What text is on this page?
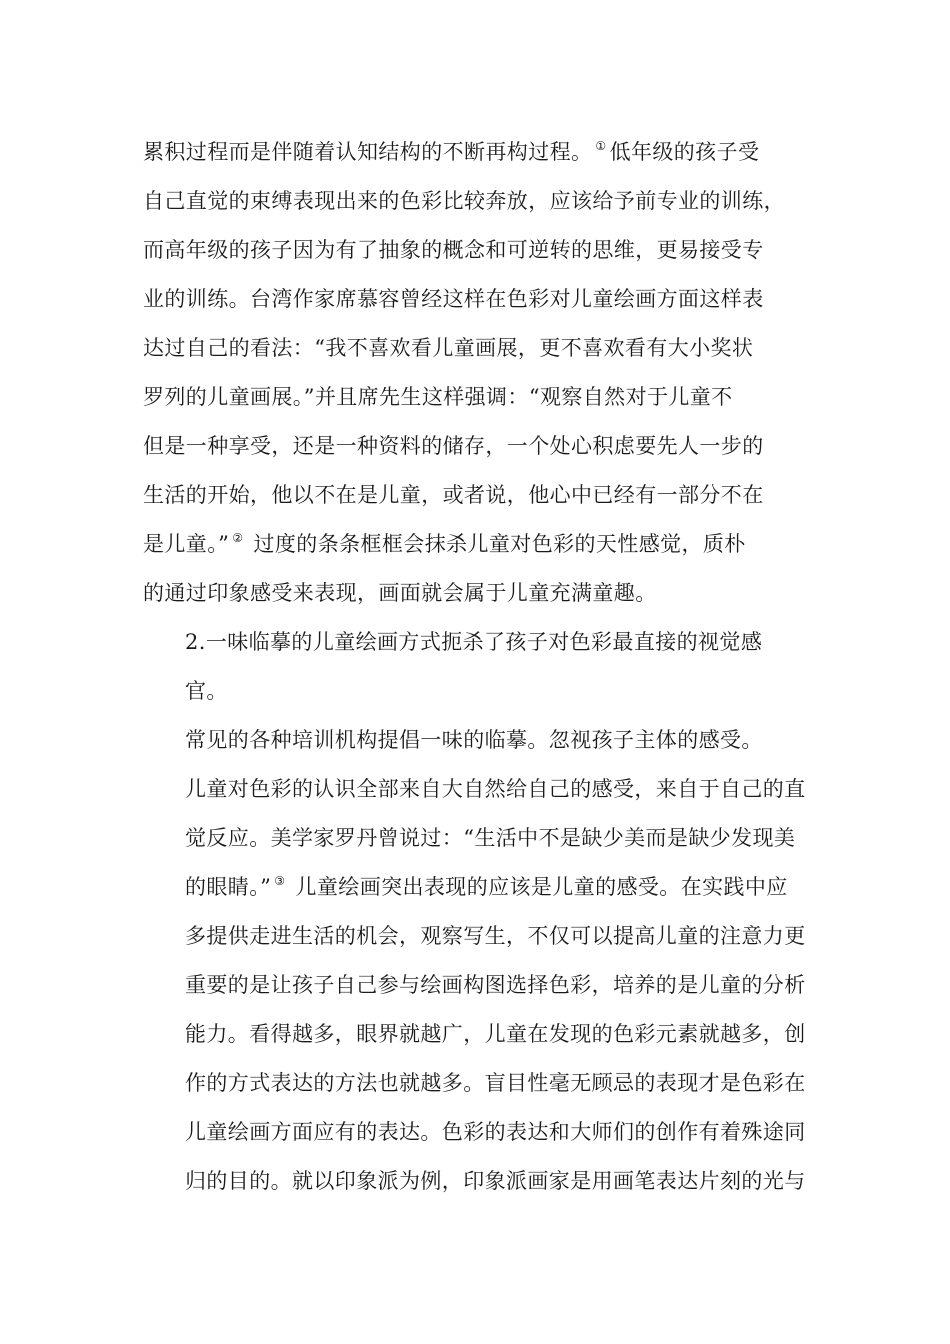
累积过程而是伴随着认知结构的不断再构过程。 ① 低年级的孩子受
自己直觉的束缚表现出来的色彩比较奔放，应该给予前专业的训练，
而高年级的孩子因为有了抽象的概念和可逆转的思维，更易接受专
业的训练。台湾作家席慕容曾经这样在色彩对儿童绘画方面这样表
达过自己的看法：“我不喜欢看儿童画展，更不喜欢看有大小奖状
罗列的儿童画展。”并且席先生这样强调：“观察自然对于儿童不
但是一种享受，还是一种资料的储存，一个处心积虑要先人一步的
生活的开始，他以不在是儿童，或者说，他心中已经有一部分不在
是儿童。” ② 过度的条条框框会抹杀儿童对色彩的天性感觉，质朴
的通过印象感受来表现，画面就会属于儿童充满童趣。

2.一味临摹的儿童绘画方式扼杀了孩子对色彩最直接的视觉感
官。

常见的各种培训机构提倡一味的临摹。忽视孩子主体的感受。
儿童对色彩的认识全部来自大自然给自己的感受，来自于自己的直
觉反应。美学家罗丹曾说过：“生活中不是缺少美而是缺少发现美
的眼睛。” ③ 儿童绘画突出表现的应该是儿童的感受。在实践中应
多提供走进生活的机会，观察写生，不仅可以提高儿童的注意力更
重要的是让孩子自己参与绘画构图选择色彩，培养的是儿童的分析
能力。看得越多，眼界就越广，儿童在发现的色彩元素就越多，创
作的方式表达的方法也就越多。盲目性毫无顾忌的表现才是色彩在
儿童绘画方面应有的表达。色彩的表达和大师们的创作有着殊途同
归的目的。就以印象派为例，印象派画家是用画笔表达片刻的光与
